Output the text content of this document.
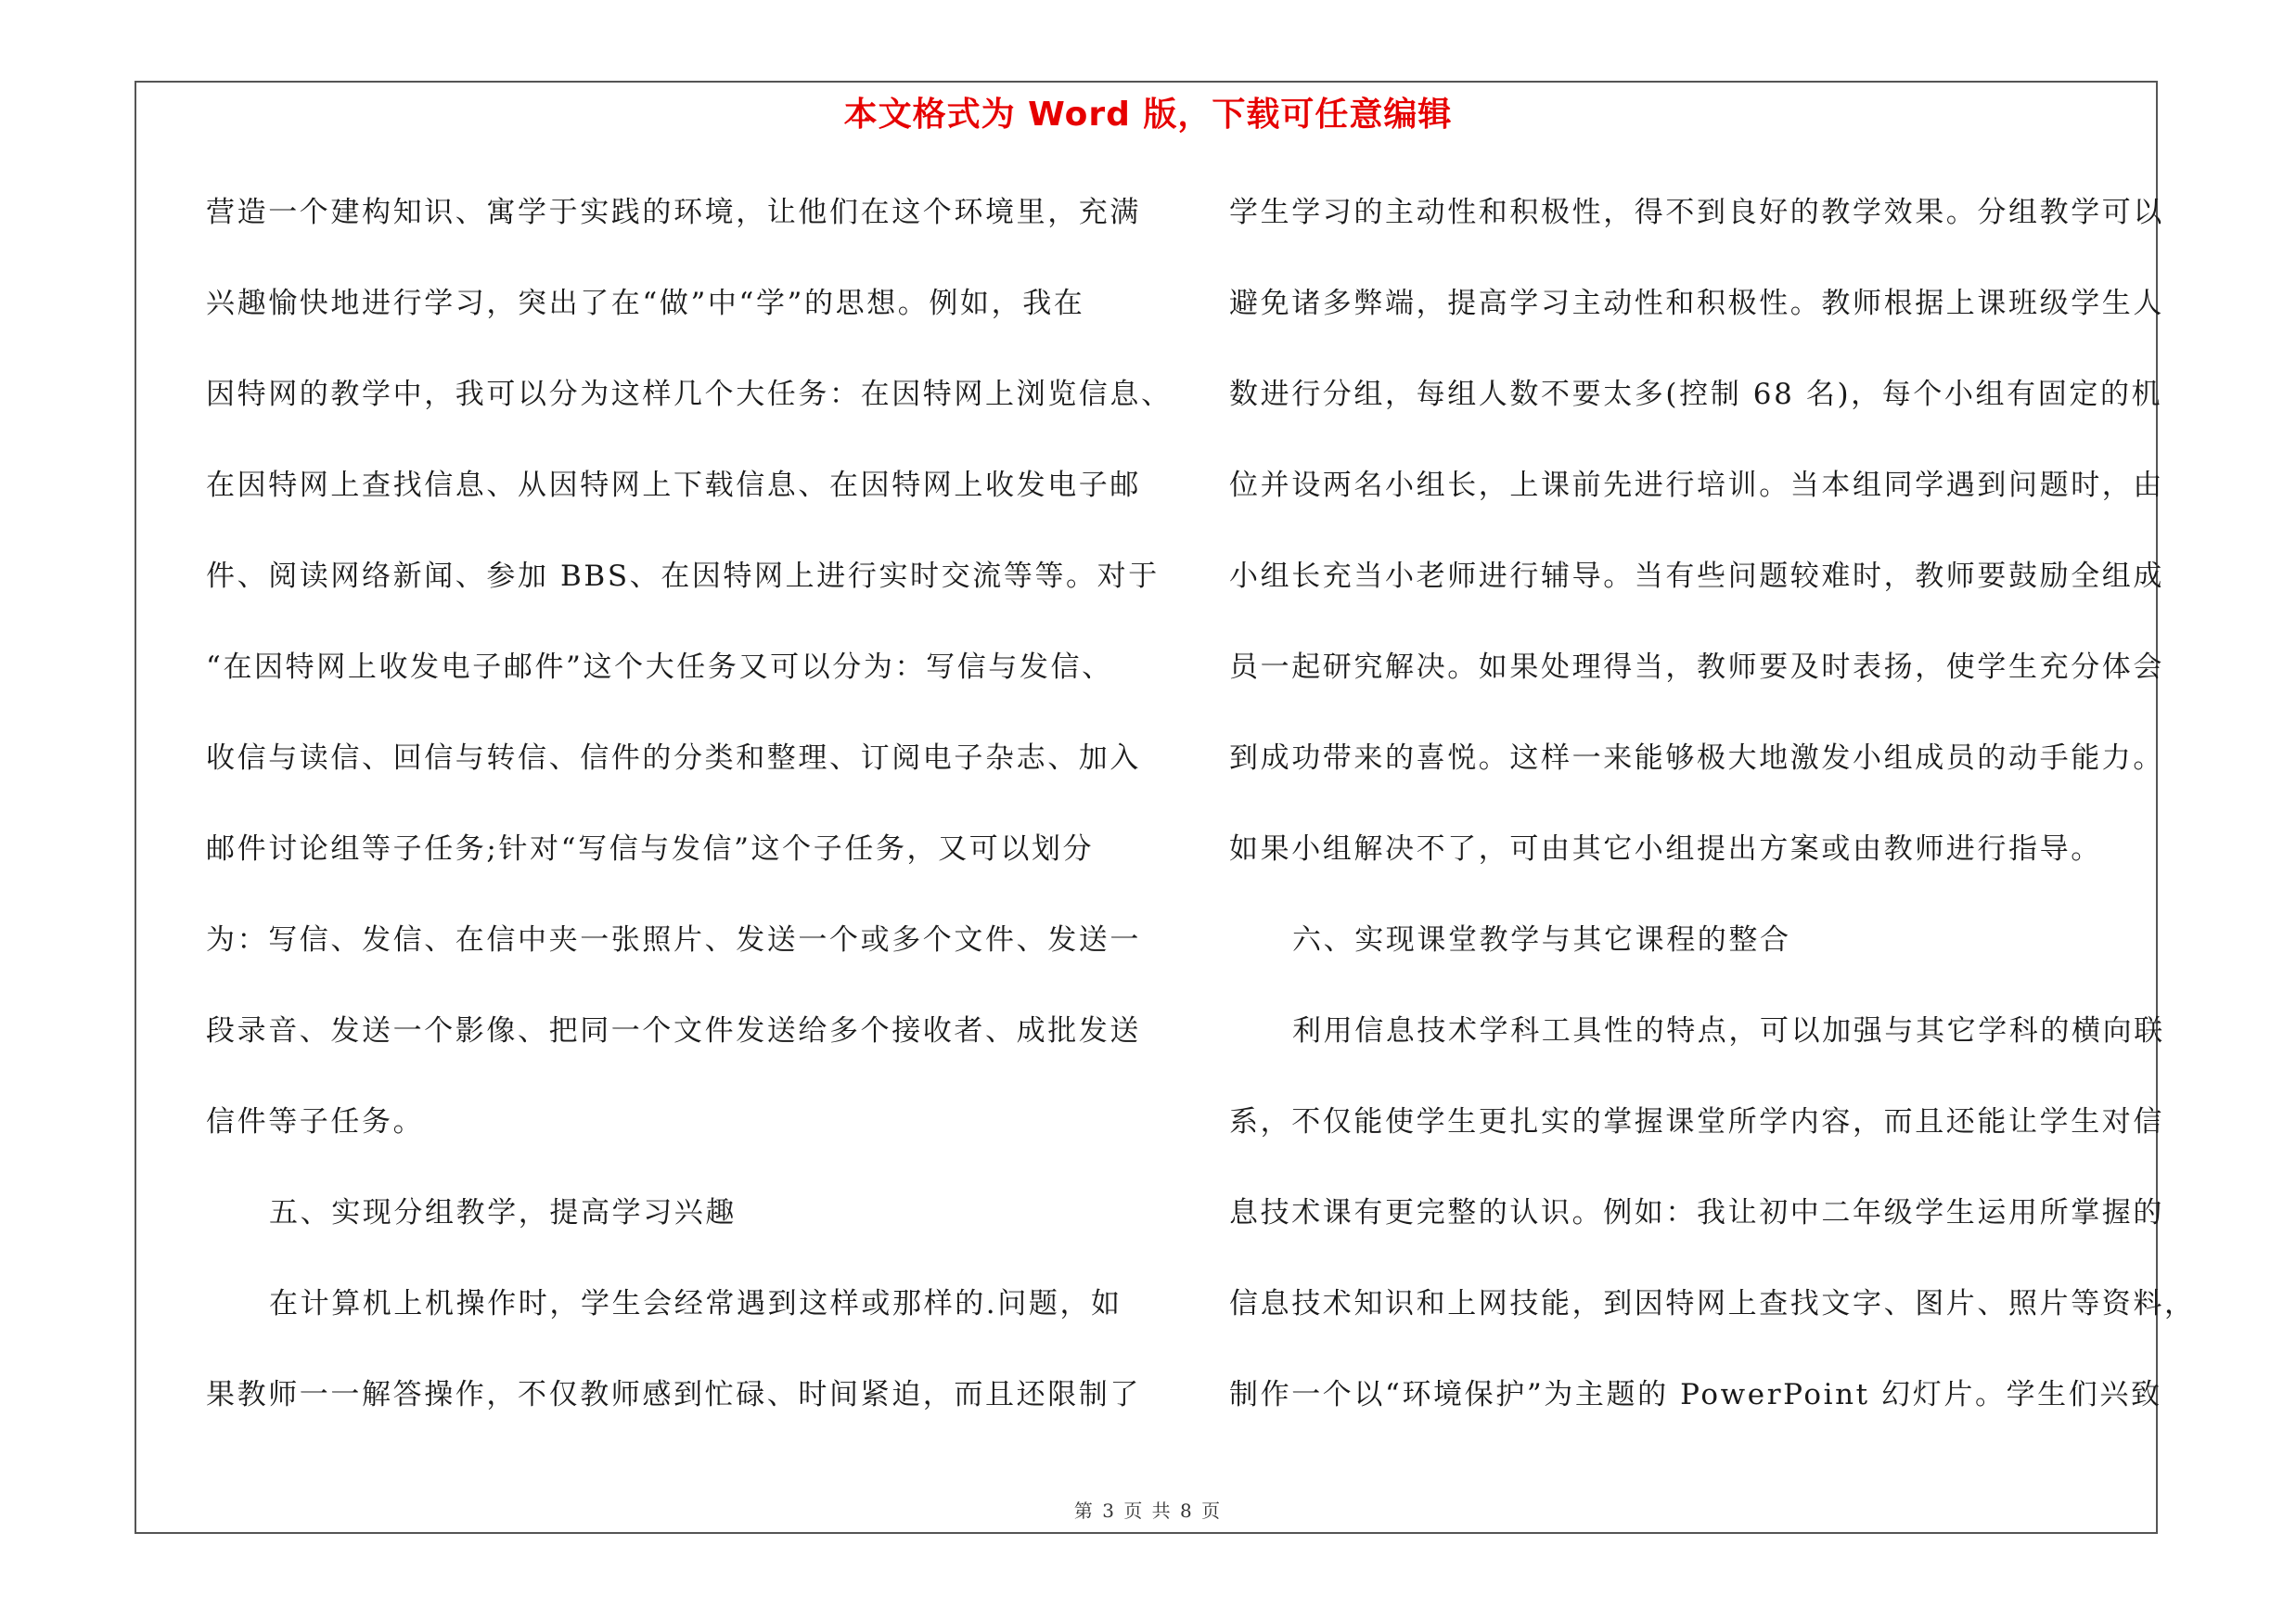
本文格式为 Word 版，下载可任意编辑
营造一个建构知识、寓学于实践的环境，让他们在这个环境里，充满
兴趣愉快地进行学习，突出了在“做”中“学”的思想。例如，我在
因特网的教学中，我可以分为这样几个大任务：在因特网上浏览信息、
在因特网上查找信息、从因特网上下载信息、在因特网上收发电子邮
件、阅读网络新闻、参加 BBS、在因特网上进行实时交流等等。对于
“在因特网上收发电子邮件”这个大任务又可以分为：写信与发信、
收信与读信、回信与转信、信件的分类和整理、订阅电子杂志、加入
邮件讨论组等子任务;针对“写信与发信”这个子任务，又可以划分
为：写信、发信、在信中夹一张照片、发送一个或多个文件、发送一
段录音、发送一个影像、把同一个文件发送给多个接收者、成批发送
信件等子任务。
五、实现分组教学，提高学习兴趣
在计算机上机操作时，学生会经常遇到这样或那样的.问题，如
果教师一一解答操作，不仅教师感到忙碌、时间紧迫，而且还限制了
学生学习的主动性和积极性，得不到良好的教学效果。分组教学可以
避免诸多弊端，提高学习主动性和积极性。教师根据上课班级学生人
数进行分组，每组人数不要太多(控制 68 名)，每个小组有固定的机
位并设两名小组长，上课前先进行培训。当本组同学遇到问题时，由
小组长充当小老师进行辅导。当有些问题较难时，教师要鼓励全组成
员一起研究解决。如果处理得当，教师要及时表扬，使学生充分体会
到成功带来的喜悦。这样一来能够极大地激发小组成员的动手能力。
如果小组解决不了，可由其它小组提出方案或由教师进行指导。
六、实现课堂教学与其它课程的整合
利用信息技术学科工具性的特点，可以加强与其它学科的横向联
系，不仅能使学生更扎实的掌握课堂所学内容，而且还能让学生对信
息技术课有更完整的认识。例如：我让初中二年级学生运用所掌握的
信息技术知识和上网技能，到因特网上查找文字、图片、照片等资料，
制作一个以“环境保护”为主题的 PowerPoint 幻灯片。学生们兴致
第 3 页 共 8 页
